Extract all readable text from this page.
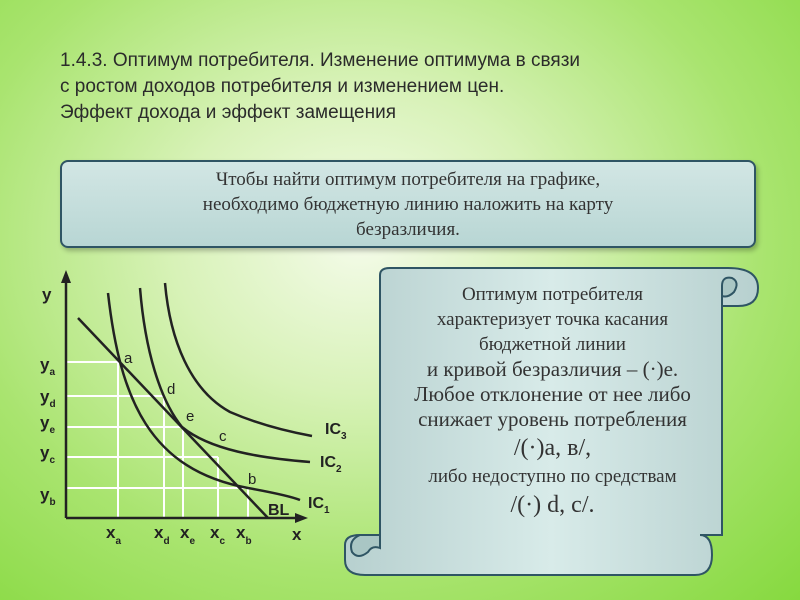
1.4.3. Оптимум потребителя. Изменение оптимума в связи
с ростом доходов потребителя и изменением цен.
Эффект дохода и эффект замещения
Чтобы найти оптимум потребителя на графике,
необходимо бюджетную линию наложить на карту
безразличия.
y
x
$y_a$
$y_d$
$y_e$
$y_c$
$y_b$
$x_a$ $x_d$ $x_e$ $x_c$ $x_b$
a
d
e
c
b
$IC_3$
$IC_2$
$IC_1$
BL
Оптимум потребителя
характеризует точка касания
бюджетной линии
и кривой безразличия – (·)е.
Любое отклонение от нее либо
снижает уровень потребления
/(·)а, в/,
либо недоступно по средствам
/(·) d, c/.
